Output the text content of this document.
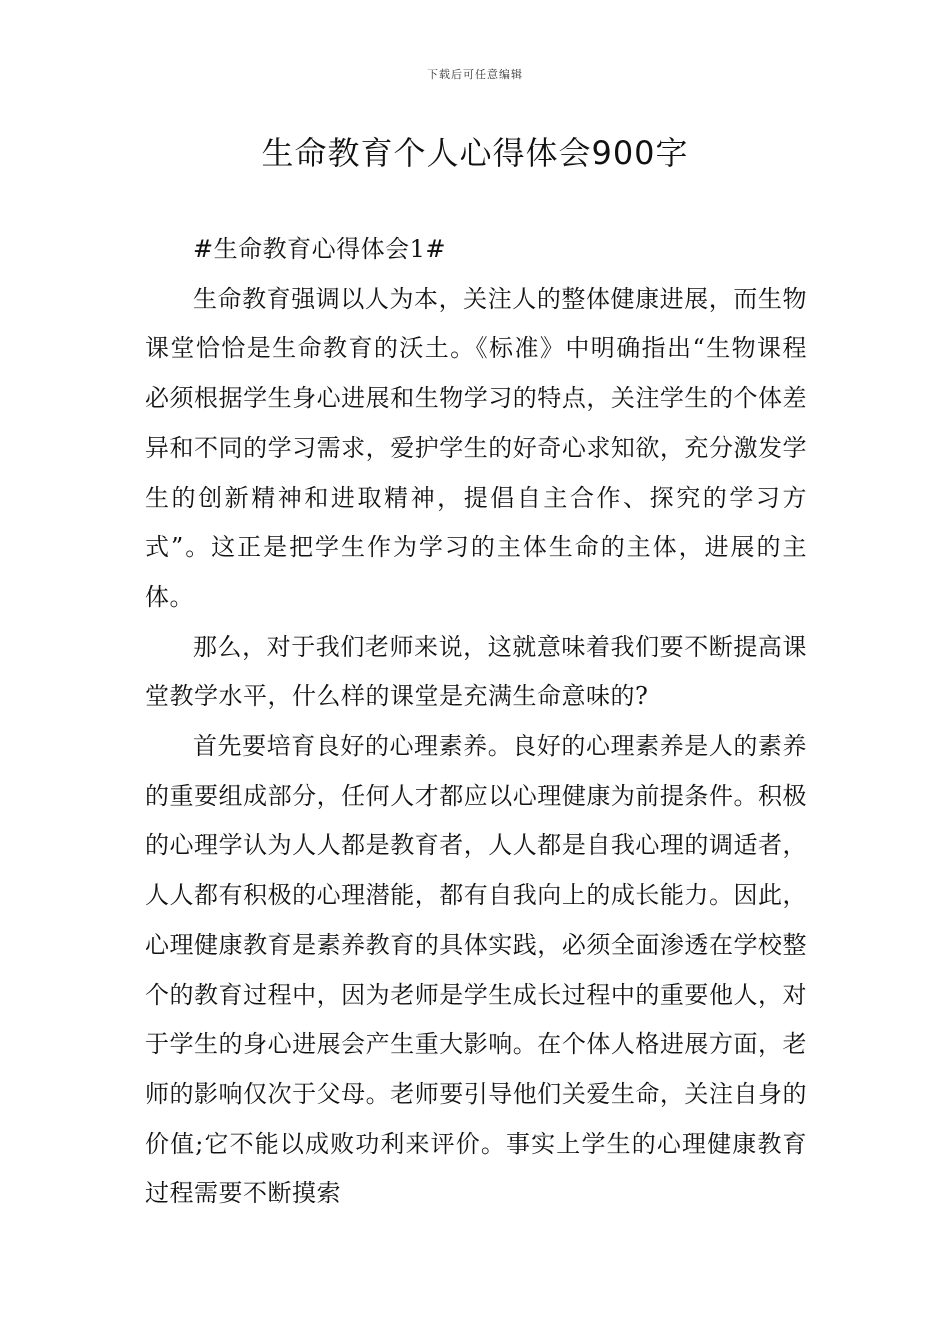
下载后可任意编辑
生命教育个人心得体会900字

#生命教育心得体会1#

生命教育强调以人为本，关注人的整体健康进展，而生物课堂恰恰是生命教育的沃土。《标准》中明确指出“生物课程必须根据学生身心进展和生物学习的特点，关注学生的个体差异和不同的学习需求，爱护学生的好奇心求知欲，充分激发学生的创新精神和进取精神，提倡自主合作、探究的学习方式”。这正是把学生作为学习的主体生命的主体，进展的主体。

那么，对于我们老师来说，这就意味着我们要不断提高课堂教学水平，什么样的课堂是充满生命意味的?

首先要培育良好的心理素养。良好的心理素养是人的素养的重要组成部分，任何人才都应以心理健康为前提条件。积极的心理学认为人人都是教育者，人人都是自我心理的调适者，人人都有积极的心理潜能，都有自我向上的成长能力。因此，心理健康教育是素养教育的具体实践，必须全面渗透在学校整个的教育过程中，因为老师是学生成长过程中的重要他人，对于学生的身心进展会产生重大影响。在个体人格进展方面，老师的影响仅次于父母。老师要引导他们关爱生命，关注自身的价值;它不能以成败功利来评价。事实上学生的心理健康教育过程需要不断摸索
